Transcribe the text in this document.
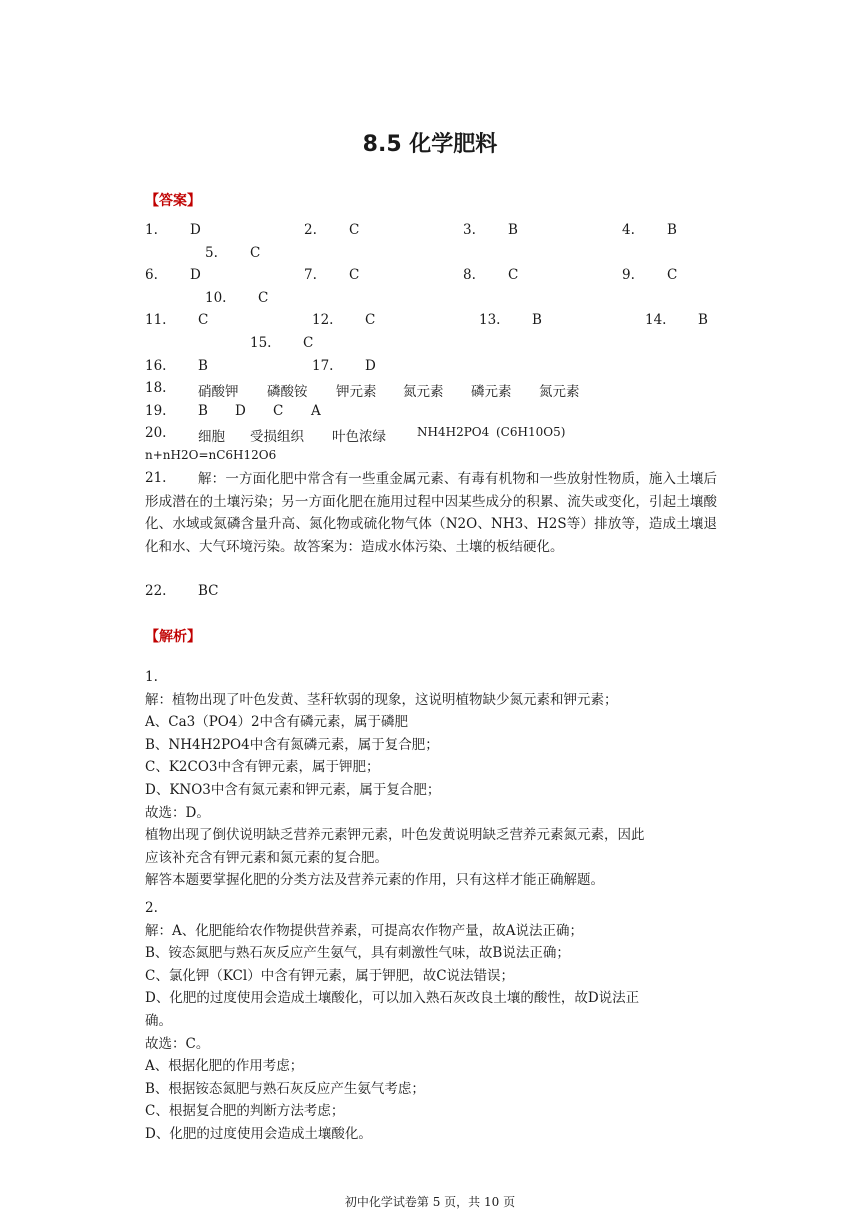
8.5 化学肥料
【答案】
1. D	2. C	3. B	4. B
5. C
6. D	7. C	8. C	9. C
10. C
11. C	12. C	13. B	14. B
15. C
16. B	17. D
18. 硝酸钾 磷酸铵 钾元素 氮元素 磷元素 氮元素
19. B D C A
20. 细胞 受损组织 叶色浓绿	NH4H2PO4 (C6H10O5)
n+nH2O=nC6H12O6
21.	解：一方面化肥中常含有一些重金属元素、有毒有机物和一些放射性物质，施入土壤后形成潜在的土壤污染；另一方面化肥在施用过程中因某些成分的积累、流失或变化，引起土壤酸化、水域或氮磷含量升高、氮化物或硫化物气体（N2O、NH3、H2S等）排放等，造成土壤退化和水、大气环境污染。故答案为：造成水体污染、土壤的板结硬化。
22. BC
【解析】
1.
解：植物出现了叶色发黄、茎秆软弱的现象，这说明植物缺少氮元素和钾元素；
A、Ca3（PO4）2中含有磷元素，属于磷肥
B、NH4H2PO4中含有氮磷元素，属于复合肥；
C、K2CO3中含有钾元素，属于钾肥；
D、KNO3中含有氮元素和钾元素，属于复合肥；
故选：D。
植物出现了倒伏说明缺乏营养元素钾元素，叶色发黄说明缺乏营养元素氮元素，因此
应该补充含有钾元素和氮元素的复合肥。
解答本题要掌握化肥的分类方法及营养元素的作用，只有这样才能正确解题。
2.
解：A、化肥能给农作物提供营养素，可提高农作物产量，故A说法正确；
B、铵态氮肥与熟石灰反应产生氨气，具有刺激性气味，故B说法正确；
C、氯化钾（KCl）中含有钾元素，属于钾肥，故C说法错误；
D、化肥的过度使用会造成土壤酸化，可以加入熟石灰改良土壤的酸性，故D说法正
确。
故选：C。
A、根据化肥的作用考虑；
B、根据铵态氮肥与熟石灰反应产生氨气考虑；
C、根据复合肥的判断方法考虑；
D、化肥的过度使用会造成土壤酸化。
初中化学试卷第 5 页，共 10 页
